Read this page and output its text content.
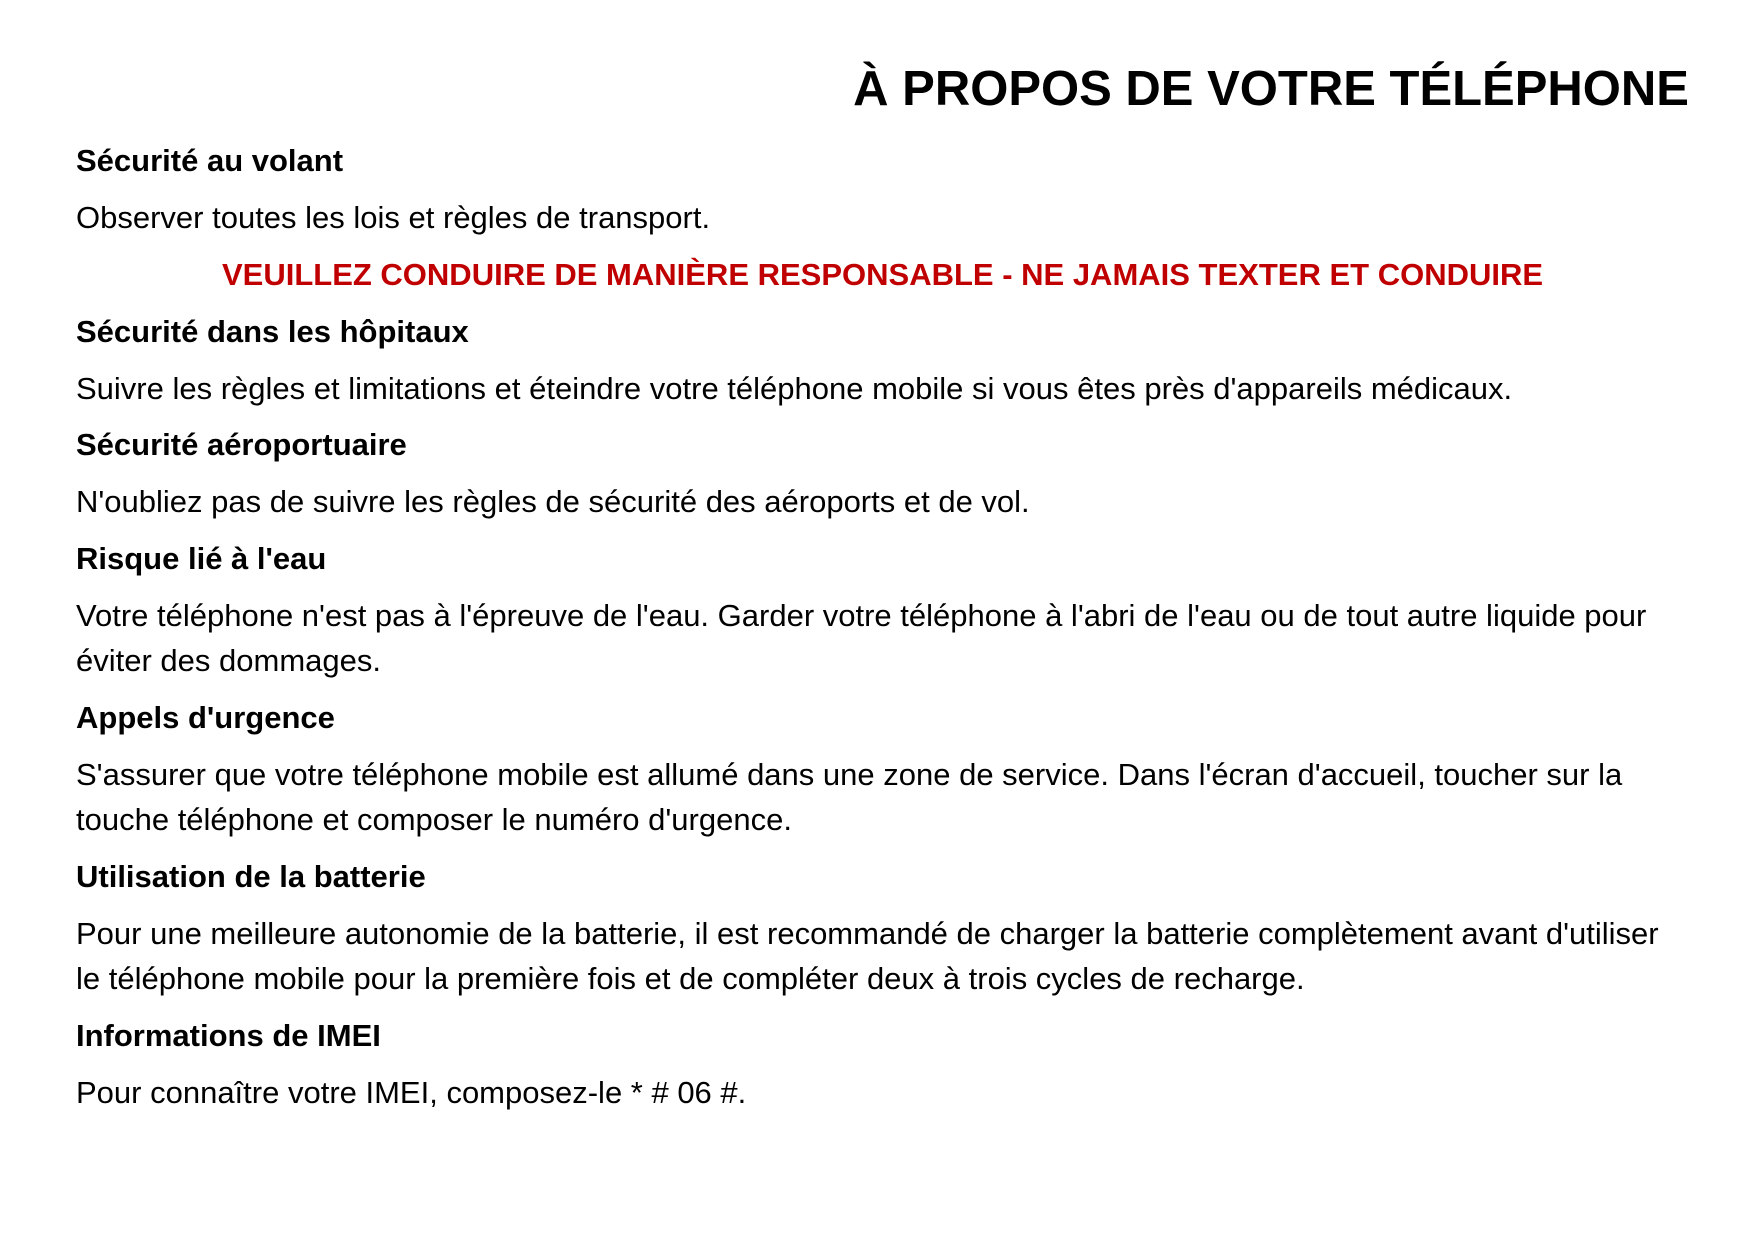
À PROPOS DE VOTRE TÉLÉPHONE
Sécurité au volant

Observer toutes les lois et règles de transport.

VEUILLEZ CONDUIRE DE MANIÈRE RESPONSABLE - NE JAMAIS TEXTER ET CONDUIRE

Sécurité dans les hôpitaux

Suivre les règles et limitations et éteindre votre téléphone mobile si vous êtes près d'appareils médicaux.

Sécurité aéroportuaire

N'oubliez pas de suivre les règles de sécurité des aéroports et de vol.

Risque lié à l'eau

Votre téléphone n'est pas à l'épreuve de l'eau. Garder votre téléphone à l'abri de l'eau ou de tout autre liquide pour éviter des dommages.

Appels d'urgence

S'assurer que votre téléphone mobile est allumé dans une zone de service. Dans l'écran d'accueil, toucher sur la touche téléphone et composer le numéro d'urgence.

Utilisation de la batterie

Pour une meilleure autonomie de la batterie, il est recommandé de charger la batterie complètement avant d'utiliser le téléphone mobile pour la première fois et de compléter deux à trois cycles de recharge.

Informations de IMEI

Pour connaître votre IMEI, composez-le * # 06 #.
